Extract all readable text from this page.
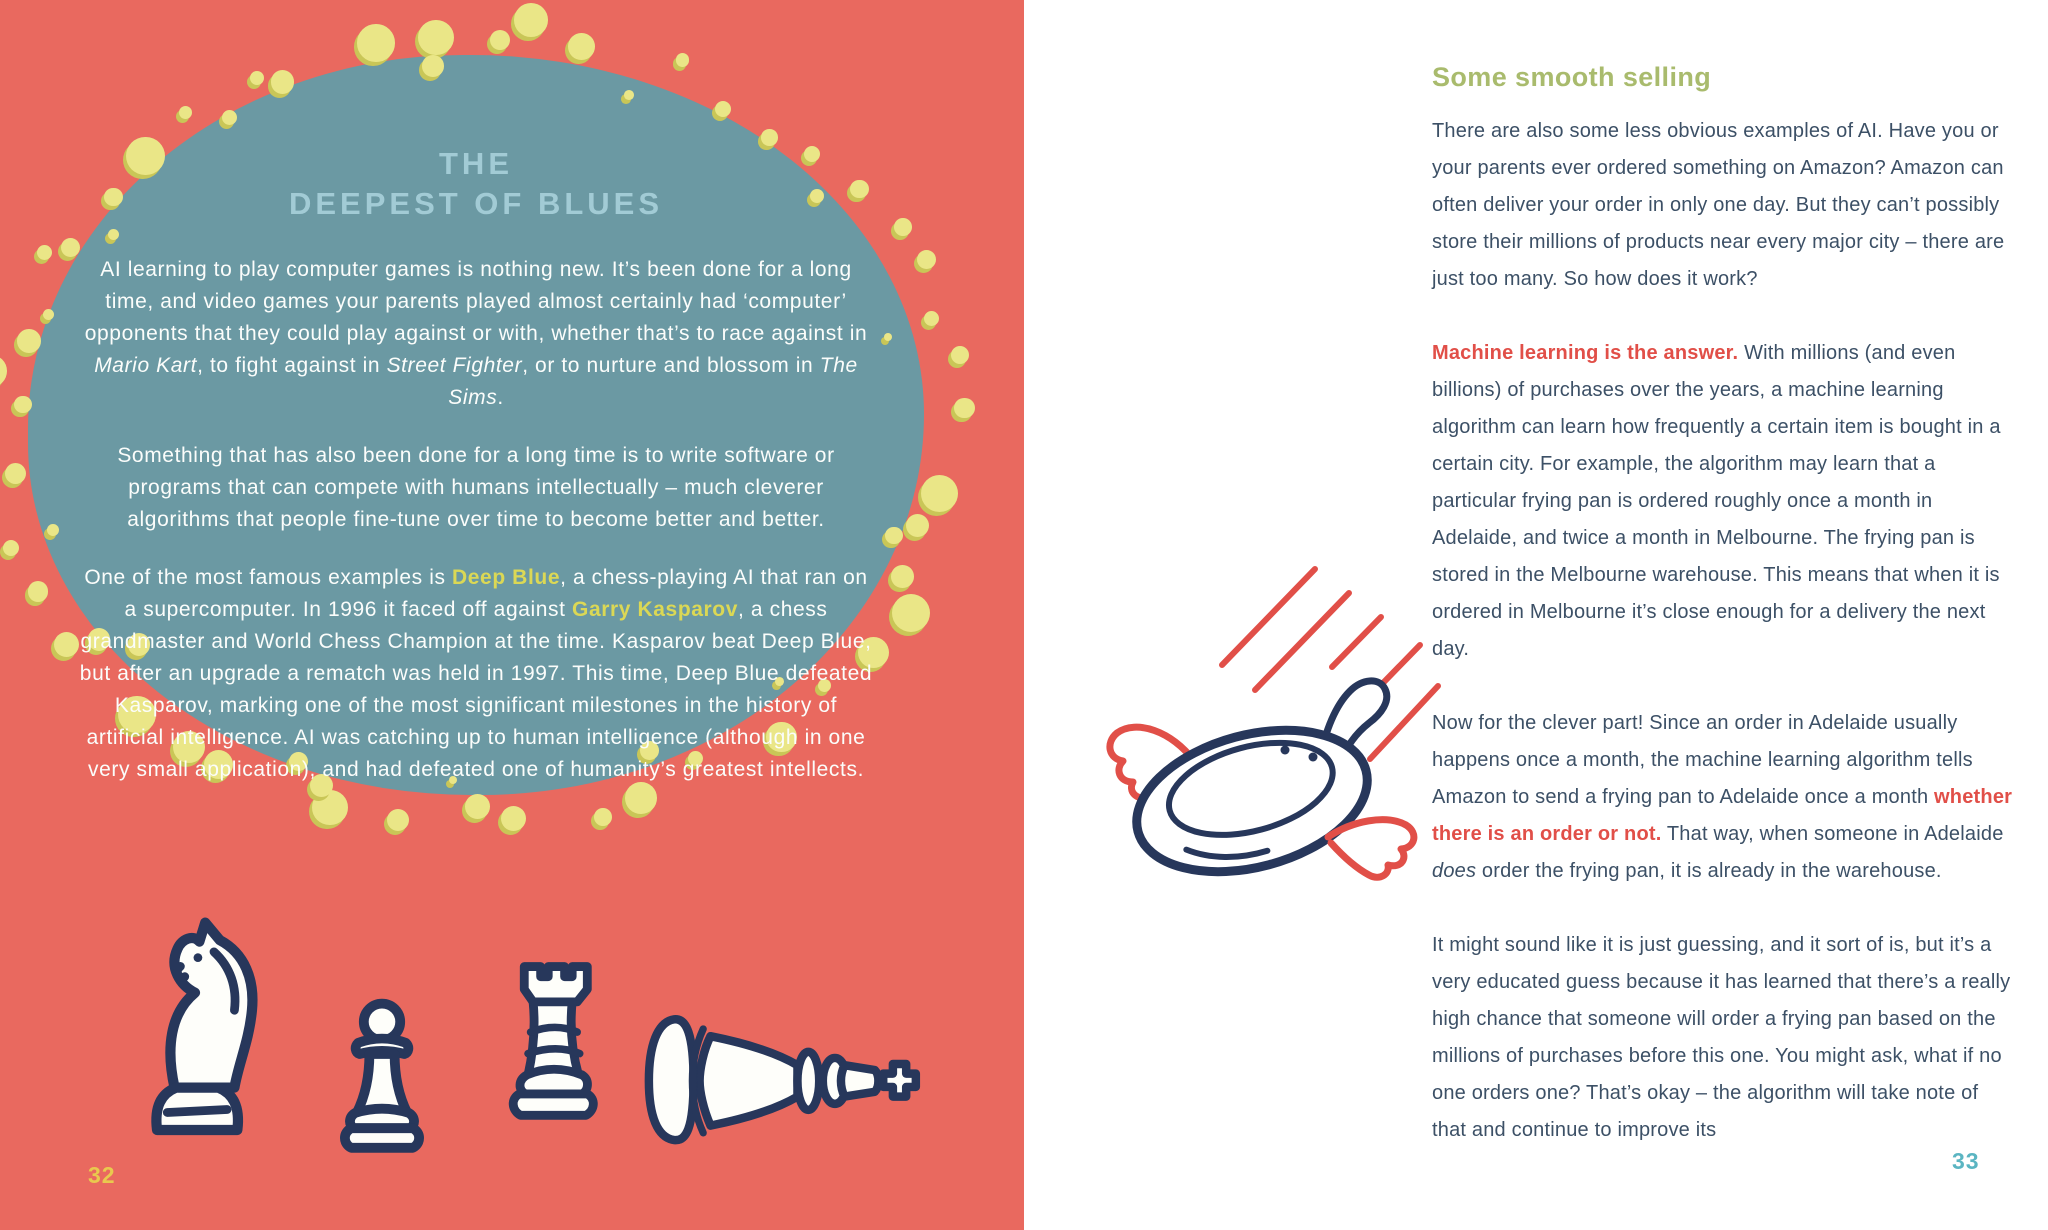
THE
DEEPEST OF BLUES

AI learning to play computer games is nothing new. It’s been done for a long time, and video games your parents played almost certainly had ‘computer’ opponents that they could play against or with, whether that’s to race against in Mario Kart, to fight against in Street Fighter, or to nurture and blossom in The Sims.

Something that has also been done for a long time is to write software or programs that can compete with humans intellectually – much cleverer algorithms that people fine-tune over time to become better and better.

One of the most famous examples is Deep Blue, a chess-playing AI that ran on a supercomputer. In 1996 it faced off against Garry Kasparov, a chess grandmaster and World Chess Champion at the time. Kasparov beat Deep Blue, but after an upgrade a rematch was held in 1997. This time, Deep Blue defeated Kasparov, marking one of the most significant milestones in the history of artificial intelligence. AI was catching up to human intelligence (although in one very small application), and had defeated one of humanity’s greatest intellects.

32
Some smooth selling

There are also some less obvious examples of AI. Have you or your parents ever ordered something on Amazon? Amazon can often deliver your order in only one day. But they can’t possibly store their millions of products near every major city – there are just too many. So how does it work?

Machine learning is the answer. With millions (and even billions) of purchases over the years, a machine learning algorithm can learn how frequently a certain item is bought in a certain city. For example, the algorithm may learn that a particular frying pan is ordered roughly once a month in Adelaide, and twice a month in Melbourne. The frying pan is stored in the Melbourne warehouse. This means that when it is ordered in Melbourne it’s close enough for a delivery the next day.

Now for the clever part! Since an order in Adelaide usually happens once a month, the machine learning algorithm tells Amazon to send a frying pan to Adelaide once a month whether there is an order or not. That way, when someone in Adelaide does order the frying pan, it is already in the warehouse.

It might sound like it is just guessing, and it sort of is, but it’s a very educated guess because it has learned that there’s a really high chance that someone will order a frying pan based on the millions of purchases before this one. You might ask, what if no one orders one? That’s okay – the algorithm will take note of that and continue to improve its

33
